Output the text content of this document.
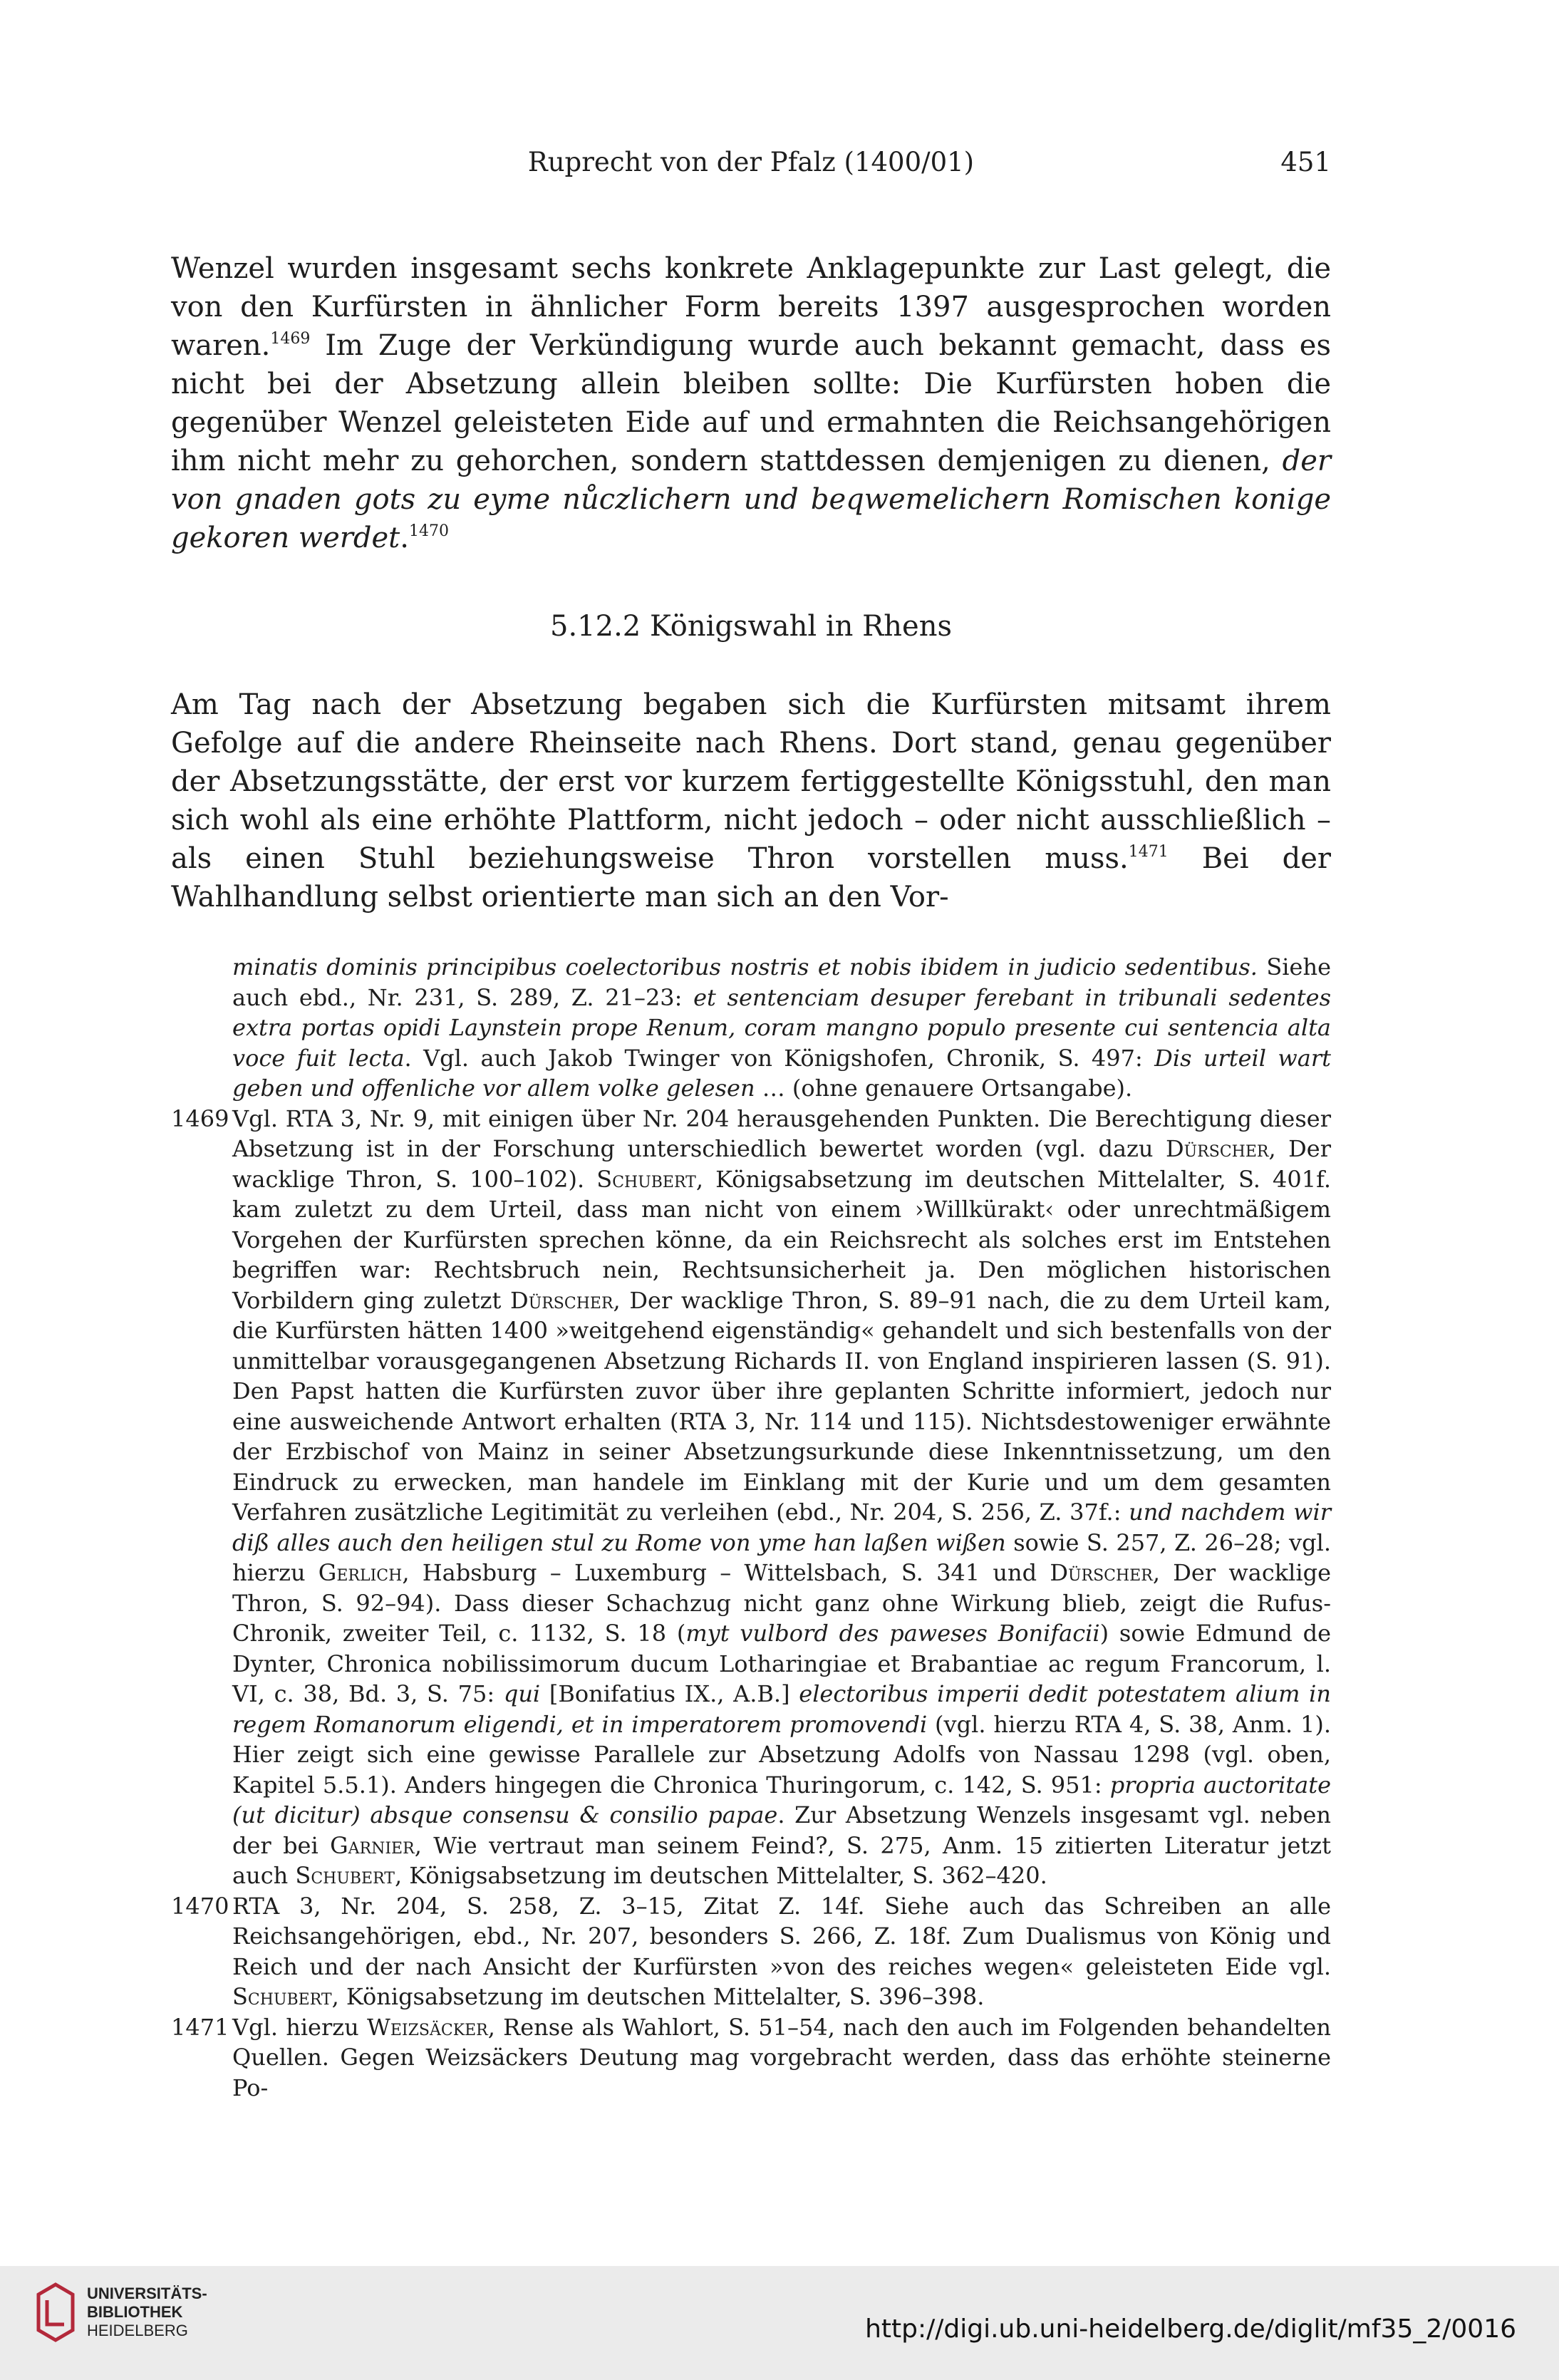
Ruprecht von der Pfalz (1400/01)	451

Wenzel wurden insgesamt sechs konkrete Anklagepunkte zur Last gelegt, die von den Kurfürsten in ähnlicher Form bereits 1397 ausgesprochen worden waren.$^{1469}$ Im Zuge der Verkündigung wurde auch bekannt gemacht, dass es nicht bei der Absetzung allein bleiben sollte: Die Kurfürsten hoben die gegenüber Wenzel geleisteten Eide auf und ermahnten die Reichsangehörigen ihm nicht mehr zu gehorchen, sondern stattdessen demjenigen zu dienen, der von gnaden gots zu eyme nůczlichern und beqwemelichern Romischen konige gekoren werdet.$^{1470}$

5.12.2 Königswahl in Rhens

Am Tag nach der Absetzung begaben sich die Kurfürsten mitsamt ihrem Gefolge auf die andere Rheinseite nach Rhens. Dort stand, genau gegenüber der Absetzungsstätte, der erst vor kurzem fertiggestellte Königsstuhl, den man sich wohl als eine erhöhte Plattform, nicht jedoch – oder nicht ausschließlich – als einen Stuhl beziehungsweise Thron vorstellen muss.$^{1471}$ Bei der Wahlhandlung selbst orientierte man sich an den Vor-

minatis dominis principibus coelectoribus nostris et nobis ibidem in judicio sedentibus. Siehe auch ebd., Nr. 231, S. 289, Z. 21–23: et sentenciam desuper ferebant in tribunali sedentes extra portas opidi Laynstein prope Renum, coram mangno populo presente cui sentencia alta voce fuit lecta. Vgl. auch Jakob Twinger von Königshofen, Chronik, S. 497: Dis urteil wart geben und offenliche vor allem volke gelesen … (ohne genauere Ortsangabe).
1469 Vgl. RTA 3, Nr. 9, mit einigen über Nr. 204 herausgehenden Punkten. Die Berechtigung dieser Absetzung ist in der Forschung unterschiedlich bewertet worden (vgl. dazu Dürscher, Der wacklige Thron, S. 100–102). Schubert, Königsabsetzung im deutschen Mittelalter, S. 401f. kam zuletzt zu dem Urteil, dass man nicht von einem ›Willkürakt‹ oder unrechtmäßigem Vorgehen der Kurfürsten sprechen könne, da ein Reichsrecht als solches erst im Entstehen begriffen war: Rechtsbruch nein, Rechtsunsicherheit ja. Den möglichen historischen Vorbildern ging zuletzt Dürscher, Der wacklige Thron, S. 89–91 nach, die zu dem Urteil kam, die Kurfürsten hätten 1400 »weitgehend eigenständig« gehandelt und sich bestenfalls von der unmittelbar vorausgegangenen Absetzung Richards II. von England inspirieren lassen (S. 91). Den Papst hatten die Kurfürsten zuvor über ihre geplanten Schritte informiert, jedoch nur eine ausweichende Antwort erhalten (RTA 3, Nr. 114 und 115). Nichtsdestoweniger erwähnte der Erzbischof von Mainz in seiner Absetzungsurkunde diese Inkenntnissetzung, um den Eindruck zu erwecken, man handele im Einklang mit der Kurie und um dem gesamten Verfahren zusätzliche Legitimität zu verleihen (ebd., Nr. 204, S. 256, Z. 37f.: und nachdem wir diß alles auch den heiligen stul zu Rome von yme han laßen wißen sowie S. 257, Z. 26–28; vgl. hierzu Gerlich, Habsburg – Luxemburg – Wittelsbach, S. 341 und Dürscher, Der wacklige Thron, S. 92–94). Dass dieser Schachzug nicht ganz ohne Wirkung blieb, zeigt die Rufus-Chronik, zweiter Teil, c. 1132, S. 18 (myt vulbord des paweses Bonifacii) sowie Edmund de Dynter, Chronica nobilissimorum ducum Lotharingiae et Brabantiae ac regum Francorum, l. VI, c. 38, Bd. 3, S. 75: qui [Bonifatius IX., A.B.] electoribus imperii dedit potestatem alium in regem Romanorum eligendi, et in imperatorem promovendi (vgl. hierzu RTA 4, S. 38, Anm. 1). Hier zeigt sich eine gewisse Parallele zur Absetzung Adolfs von Nassau 1298 (vgl. oben, Kapitel 5.5.1). Anders hingegen die Chronica Thuringorum, c. 142, S. 951: propria auctoritate (ut dicitur) absque consensu & consilio papae. Zur Absetzung Wenzels insgesamt vgl. neben der bei Garnier, Wie vertraut man seinem Feind?, S. 275, Anm. 15 zitierten Literatur jetzt auch Schubert, Königsabsetzung im deutschen Mittelalter, S. 362–420.
1470 RTA 3, Nr. 204, S. 258, Z. 3–15, Zitat Z. 14f. Siehe auch das Schreiben an alle Reichsangehörigen, ebd., Nr. 207, besonders S. 266, Z. 18f. Zum Dualismus von König und Reich und der nach Ansicht der Kurfürsten »von des reiches wegen« geleisteten Eide vgl. Schubert, Königsabsetzung im deutschen Mittelalter, S. 396–398.
1471 Vgl. hierzu Weizsäcker, Rense als Wahlort, S. 51–54, nach den auch im Folgenden behandelten Quellen. Gegen Weizsäckers Deutung mag vorgebracht werden, dass das erhöhte steinerne Po-
UNIVERSITÄTS-
BIBLIOTHEK
HEIDELBERG	http://digi.ub.uni-heidelberg.de/diglit/mf35_2/0016
